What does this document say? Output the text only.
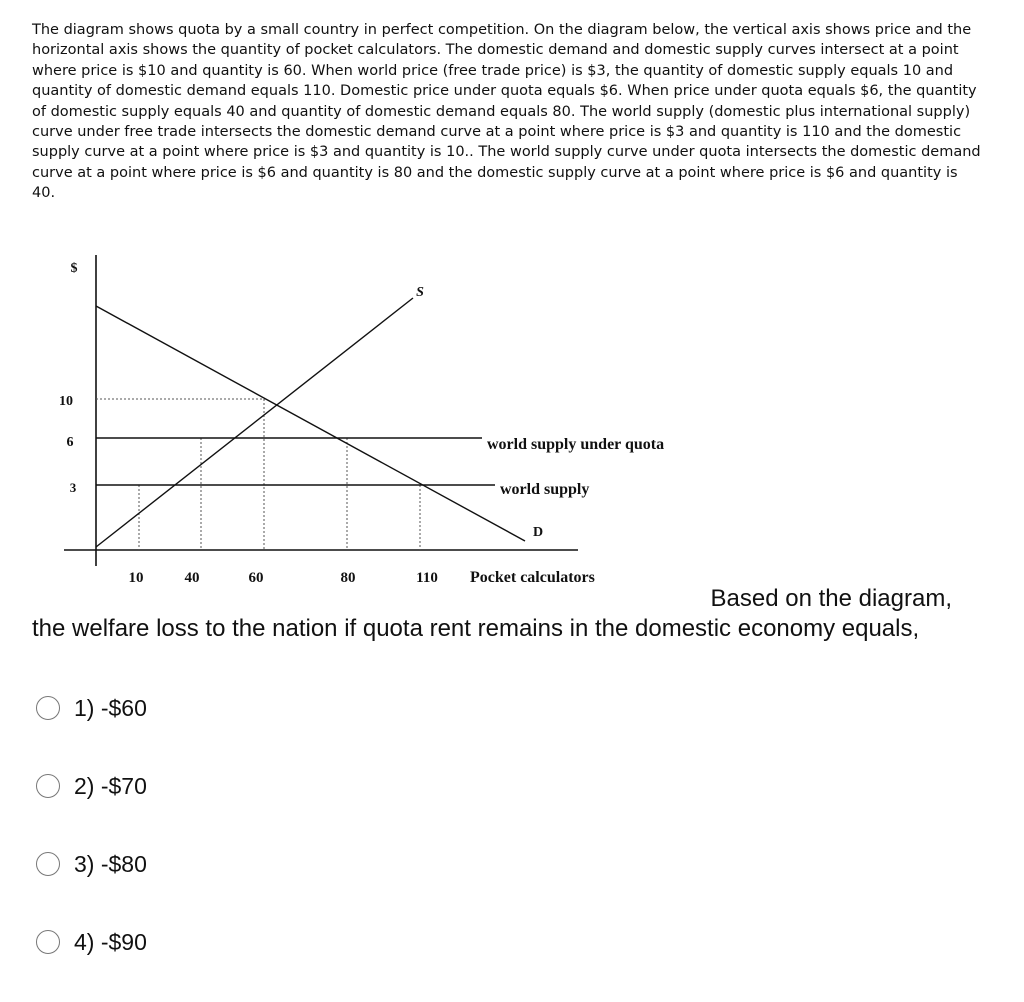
The diagram shows quota by a small country in perfect competition. On the diagram below, the vertical axis shows price and the horizontal axis shows the quantity of pocket calculators. The domestic demand and domestic supply curves intersect at a point where price is $10 and quantity is 60. When world price (free trade price) is $3, the quantity of domestic supply equals 10 and quantity of domestic demand equals 110. Domestic price under quota equals $6. When price under quota equals $6, the quantity of domestic supply equals 40 and quantity of domestic demand equals 80. The world supply (domestic plus international supply) curve under free trade intersects the domestic demand curve at a point where price is $3 and quantity is 110 and the domestic supply curve at a point where price is $3 and quantity is 10.. The world supply curve under quota intersects the domestic demand curve at a point where price is $6 and quantity is 80 and the domestic supply curve at a point where price is $6 and quantity is 40.

$
S
10
6
3
world supply under quota
world supply
D
10	40	60	80	110 Pocket calculators

Based on the diagram,

the welfare loss to the nation if quota rent remains in the domestic economy equals,

1) -$60
2) -$70
3) -$80
4) -$90
